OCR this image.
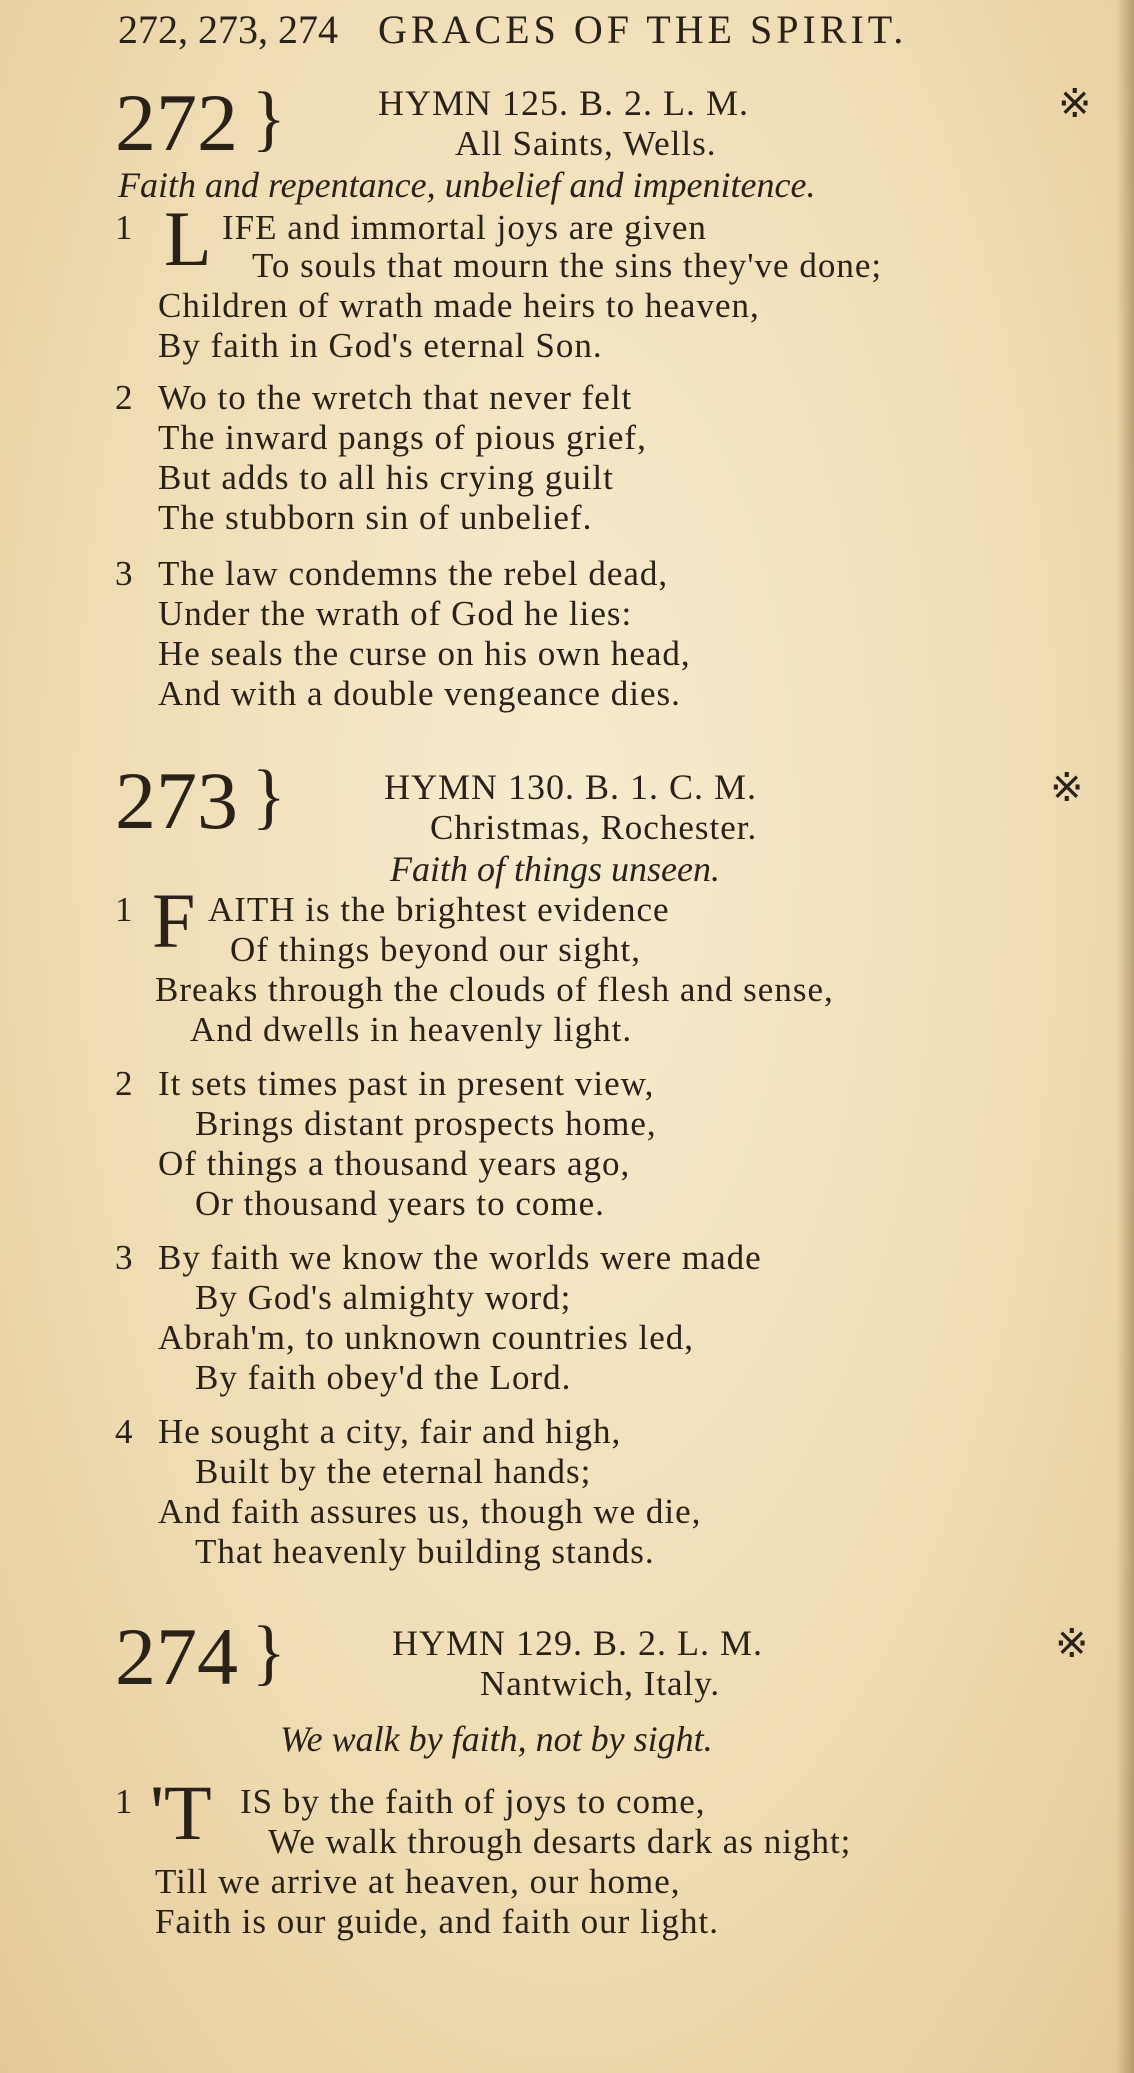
272, 273, 274 GRACES OF THE SPIRIT.
272 }	HYMN 125. B. 2. L. M.	※
All Saints, Wells.
Faith and repentance, unbelief and impenitence.
1 L IFE and immortal joys are given
To souls that mourn the sins they've done;
Children of wrath made heirs to heaven,
By faith in God's eternal Son.
2 Wo to the wretch that never felt
The inward pangs of pious grief,
But adds to all his crying guilt
The stubborn sin of unbelief.
3 The law condemns the rebel dead,
Under the wrath of God he lies:
He seals the curse on his own head,
And with a double vengeance dies.
273 }	HYMN 130. B. 1. C. M.	※
Christmas, Rochester.
Faith of things unseen.
1 F AITH is the brightest evidence
Of things beyond our sight,
Breaks through the clouds of flesh and sense,
And dwells in heavenly light.
2 It sets times past in present view,
Brings distant prospects home,
Of things a thousand years ago,
Or thousand years to come.
3 By faith we know the worlds were made
By God's almighty word;
Abrah'm, to unknown countries led,
By faith obey'd the Lord.
4 He sought a city, fair and high,
Built by the eternal hands;
And faith assures us, though we die,
That heavenly building stands.
274 }	HYMN 129. B. 2. L. M.	※
Nantwich, Italy.
We walk by faith, not by sight.
1 'T IS by the faith of joys to come,
We walk through desarts dark as night;
Till we arrive at heaven, our home,
Faith is our guide, and faith our light.
